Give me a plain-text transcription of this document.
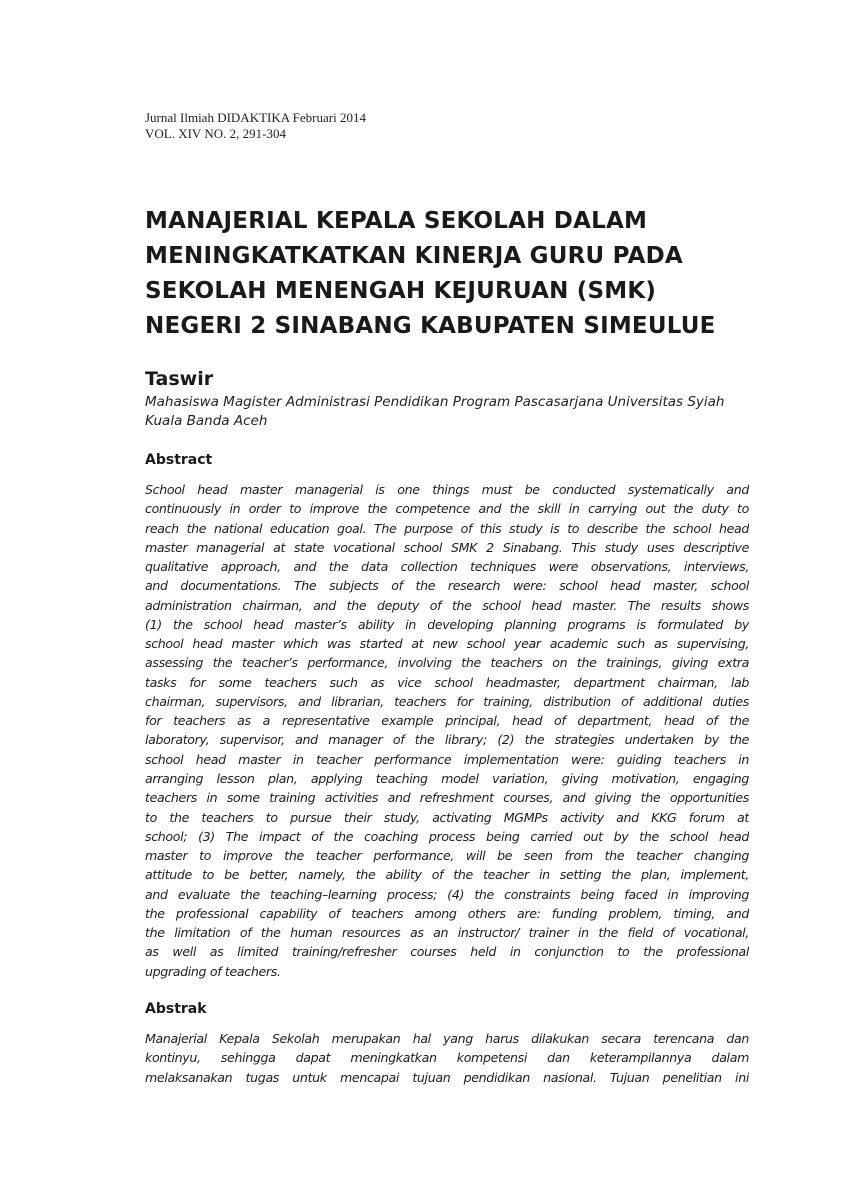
Jurnal Ilmiah DIDAKTIKA Februari 2014
VOL. XIV NO. 2, 291-304
MANAJERIAL KEPALA SEKOLAH DALAM
MENINGKATKATKAN KINERJA GURU PADA
SEKOLAH MENENGAH KEJURUAN (SMK)
NEGERI 2 SINABANG KABUPATEN SIMEULUE
Taswir
Mahasiswa Magister Administrasi Pendidikan Program Pascasarjana Universitas Syiah
Kuala Banda Aceh
Abstract
School head master managerial is one things must be conducted systematically and
continuously in order to improve the competence and the skill in carrying out the duty to
reach the national education goal. The purpose of this study is to describe the school head
master managerial at state vocational school SMK 2 Sinabang. This study uses descriptive
qualitative approach, and the data collection techniques were observations, interviews,
and documentations. The subjects of the research were: school head master, school
administration chairman, and the deputy of the school head master. The results shows
(1) the school head master’s ability in developing planning programs is formulated by
school head master which was started at new school year academic such as supervising,
assessing the teacher’s performance, involving the teachers on the trainings, giving extra
tasks for some teachers such as vice school headmaster, department chairman, lab
chairman, supervisors, and librarian, teachers for training, distribution of additional duties
for teachers as a representative example principal, head of department, head of the
laboratory, supervisor, and manager of the library; (2) the strategies undertaken by the
school head master in teacher performance implementation were: guiding teachers in
arranging lesson plan, applying teaching model variation, giving motivation, engaging
teachers in some training activities and refreshment courses, and giving the opportunities
to the teachers to pursue their study, activating MGMPs activity and KKG forum at
school; (3) The impact of the coaching process being carried out by the school head
master to improve the teacher performance, will be seen from the teacher changing
attitude to be better, namely, the ability of the teacher in setting the plan, implement,
and evaluate the teaching–learning process; (4) the constraints being faced in improving
the professional capability of teachers among others are: funding problem, timing, and
the limitation of the human resources as an instructor/ trainer in the field of vocational,
as well as limited training/refresher courses held in conjunction to the professional
upgrading of teachers.
Abstrak
Manajerial Kepala Sekolah merupakan hal yang harus dilakukan secara terencana dan
kontinyu, sehingga dapat meningkatkan kompetensi dan keterampilannya dalam
melaksanakan tugas untuk mencapai tujuan pendidikan nasional. Tujuan penelitian ini
